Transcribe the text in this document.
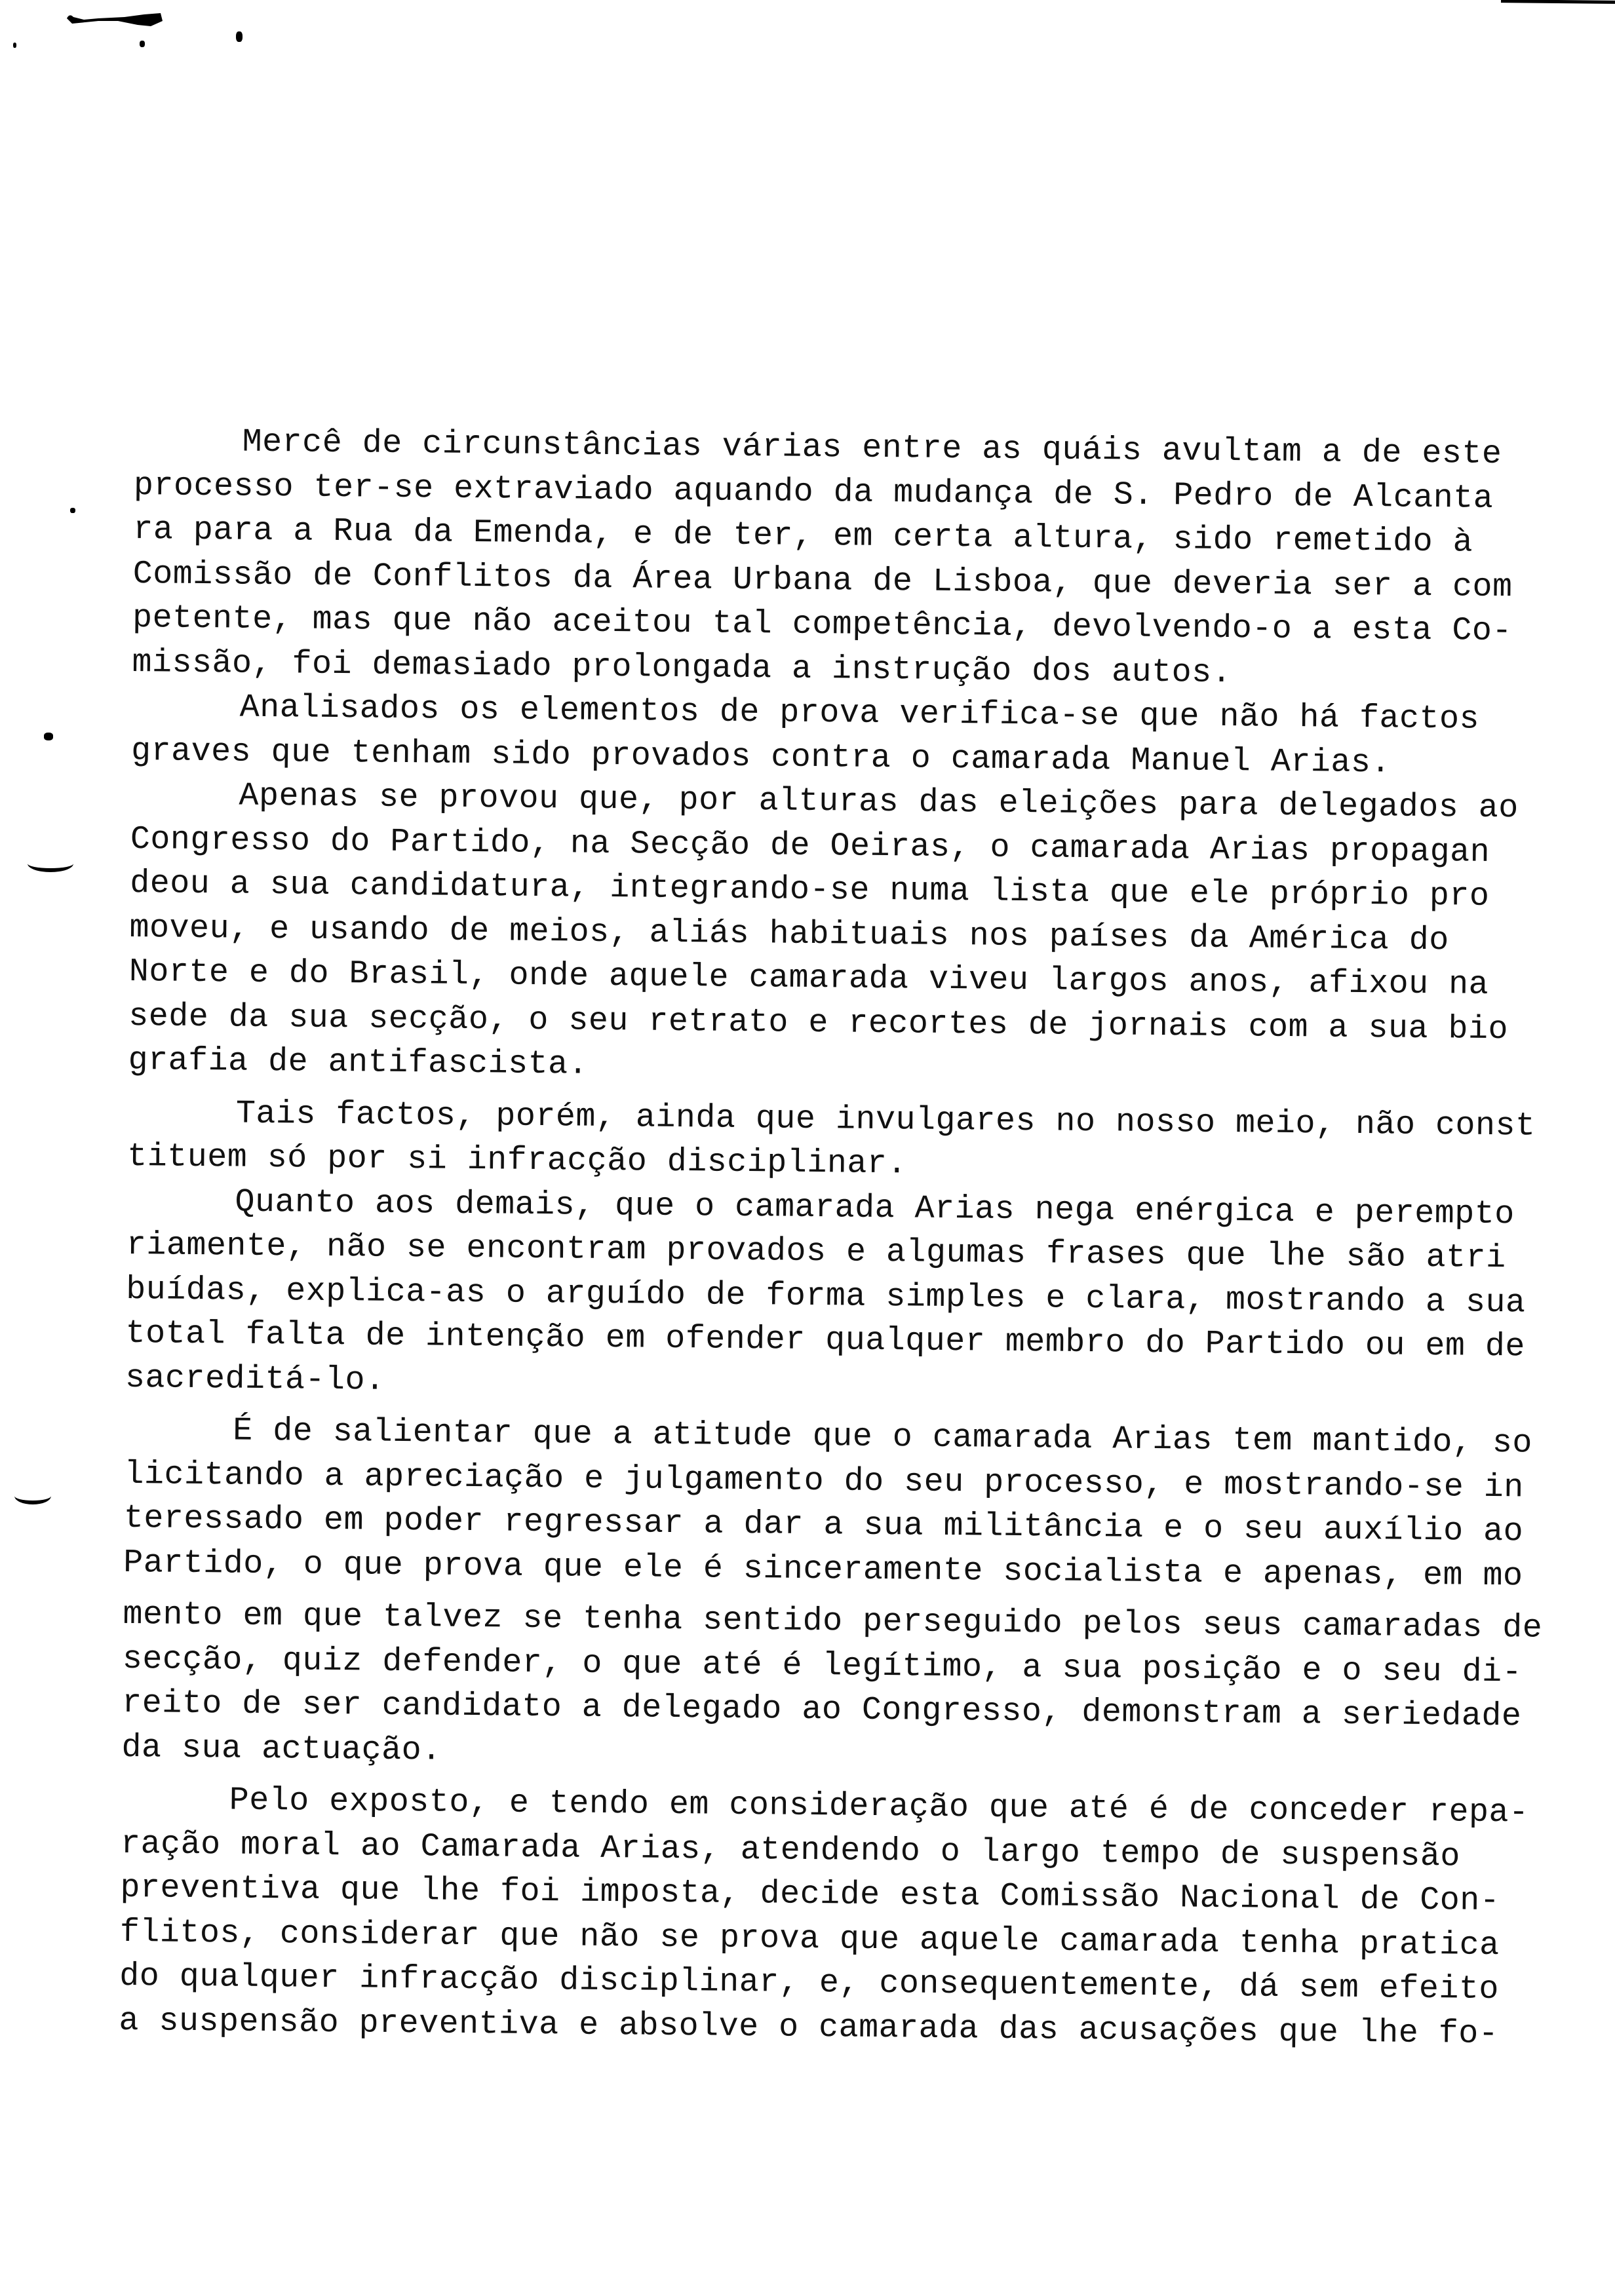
Mercê de circunstâncias várias entre as quáis avultam a de este
processo ter-se extraviado aquando da mudança de S. Pedro de Alcanta
ra para a Rua da Emenda, e de ter, em certa altura, sido remetido à
Comissão de Conflitos da Área Urbana de Lisboa, que deveria ser a com
petente, mas que não aceitou tal competência, devolvendo-o a esta Co-
missão, foi demasiado prolongada a instrução dos autos.
Analisados os elementos de prova verifica-se que não há factos
graves que tenham sido provados contra o camarada Manuel Arias.
Apenas se provou que, por alturas das eleições para delegados ao
Congresso do Partido, na Secção de Oeiras, o camarada Arias propagan
deou a sua candidatura, integrando-se numa lista que ele próprio pro
moveu, e usando de meios, aliás habituais nos países da América do
Norte e do Brasil, onde aquele camarada viveu largos anos, afixou na
sede da sua secção, o seu retrato e recortes de jornais com a sua bio
grafia de antifascista.
Tais factos, porém, ainda que invulgares no nosso meio, não const
tituem só por si infracção disciplinar.
Quanto aos demais, que o camarada Arias nega enérgica e perempto
riamente, não se encontram provados e algumas frases que lhe são atri
buídas, explica-as o arguído de forma simples e clara, mostrando a sua
total falta de intenção em ofender qualquer membro do Partido ou em de
sacreditá-lo.
É de salientar que a atitude que o camarada Arias tem mantido, so
licitando a apreciação e julgamento do seu processo, e mostrando-se in
teressado em poder regressar a dar a sua militância e o seu auxílio ao
Partido, o que prova que ele é sinceramente socialista e apenas, em mo
mento em que talvez se tenha sentido perseguido pelos seus camaradas de
secção, quiz defender, o que até é legítimo, a sua posição e o seu di-
reito de ser candidato a delegado ao Congresso, demonstram a seriedade
da sua actuação.
Pelo exposto, e tendo em consideração que até é de conceder repa-
ração moral ao Camarada Arias, atendendo o largo tempo de suspensão
preventiva que lhe foi imposta, decide esta Comissão Nacional de Con-
flitos, considerar que não se prova que aquele camarada tenha pratica
do qualquer infracção disciplinar, e, consequentemente, dá sem efeito
a suspensão preventiva e absolve o camarada das acusações que lhe fo-
